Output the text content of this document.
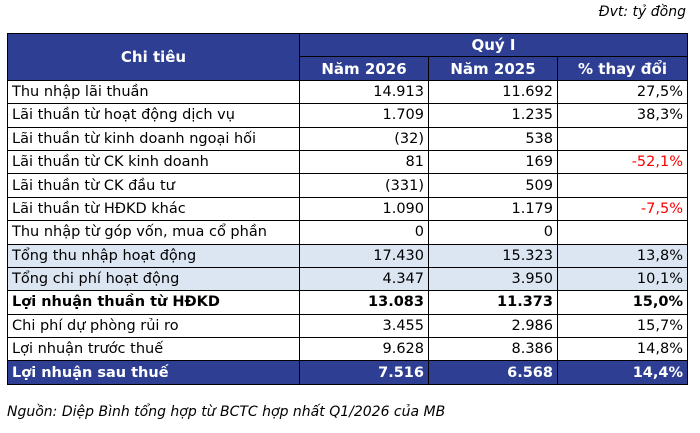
Đvt: tỷ đồng
Chi tiêu	Quý I		
	Năm 2026	Năm 2025	% thay đổi
Thu nhập lãi thuần	14.913	11.692	27,5%
Lãi thuần từ hoạt động dịch vụ	1.709	1.235	38,3%
Lãi thuần từ kinh doanh ngoại hối	(32)	538	
Lãi thuần từ CK kinh doanh	81	169	-52,1%
Lãi thuần từ CK đầu tư	(331)	509	
Lãi thuần từ HĐKD khác	1.090	1.179	-7,5%
Thu nhập từ góp vốn, mua cổ phần	0	0	
Tổng thu nhập hoạt động	17.430	15.323	13,8%
Tổng chi phí hoạt động	4.347	3.950	10,1%
Lợi nhuận thuần từ HĐKD	13.083	11.373	15,0%
Chi phí dự phòng rủi ro	3.455	2.986	15,7%
Lợi nhuận trước thuế	9.628	8.386	14,8%
Lợi nhuận sau thuế	7.516	6.568	14,4%
Nguồn: Diệp Bình tổng hợp từ BCTC hợp nhất Q1/2026 của MB
